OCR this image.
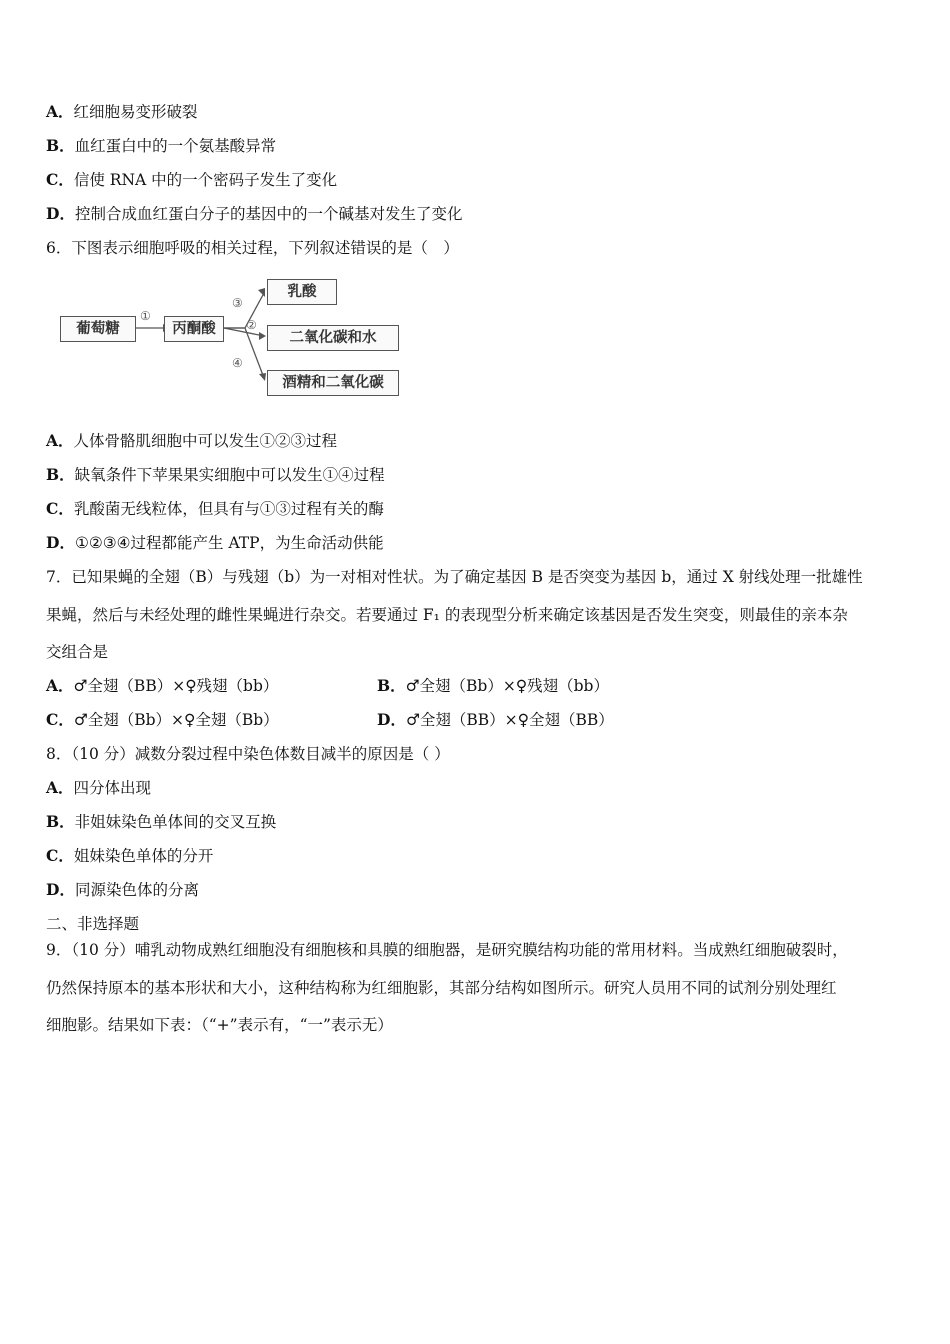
A．红细胞易变形破裂
B．血红蛋白中的一个氨基酸异常
C．信使 RNA 中的一个密码子发生了变化
D．控制合成血红蛋白分子的基因中的一个碱基对发生了变化
6．下图表示细胞呼吸的相关过程，下列叙述错误的是（　）
葡萄糖	丙酮酸
乳酸
二氧化碳和水
酒精和二氧化碳
①
③
②
④
A．人体骨骼肌细胞中可以发生①②③过程
B．缺氧条件下苹果果实细胞中可以发生①④过程
C．乳酸菌无线粒体，但具有与①③过程有关的酶
D．①②③④过程都能产生 ATP，为生命活动供能
7．已知果蝇的全翅（B）与残翅（b）为一对相对性状。为了确定基因 B 是否突变为基因 b，通过 X 射线处理一批雄性
果蝇，然后与未经处理的雌性果蝇进行杂交。若要通过 F₁ 的表现型分析来确定该基因是否发生突变，则最佳的亲本杂
交组合是
A．♂全翅（BB）×♀残翅（bb）	B．♂全翅（Bb）×♀残翅（bb）
C．♂全翅（Bb）×♀全翅（Bb）	D．♂全翅（BB）×♀全翅（BB）
8．（10 分）减数分裂过程中染色体数目减半的原因是（ ）
A．四分体出现
B．非姐妹染色单体间的交叉互换
C．姐妹染色单体的分开
D．同源染色体的分离
二、非选择题
9．（10 分）哺乳动物成熟红细胞没有细胞核和具膜的细胞器，是研究膜结构功能的常用材料。当成熟红细胞破裂时，
仍然保持原本的基本形状和大小，这种结构称为红细胞影，其部分结构如图所示。研究人员用不同的试剂分别处理红
细胞影。结果如下表：（“+”表示有，“一”表示无）
